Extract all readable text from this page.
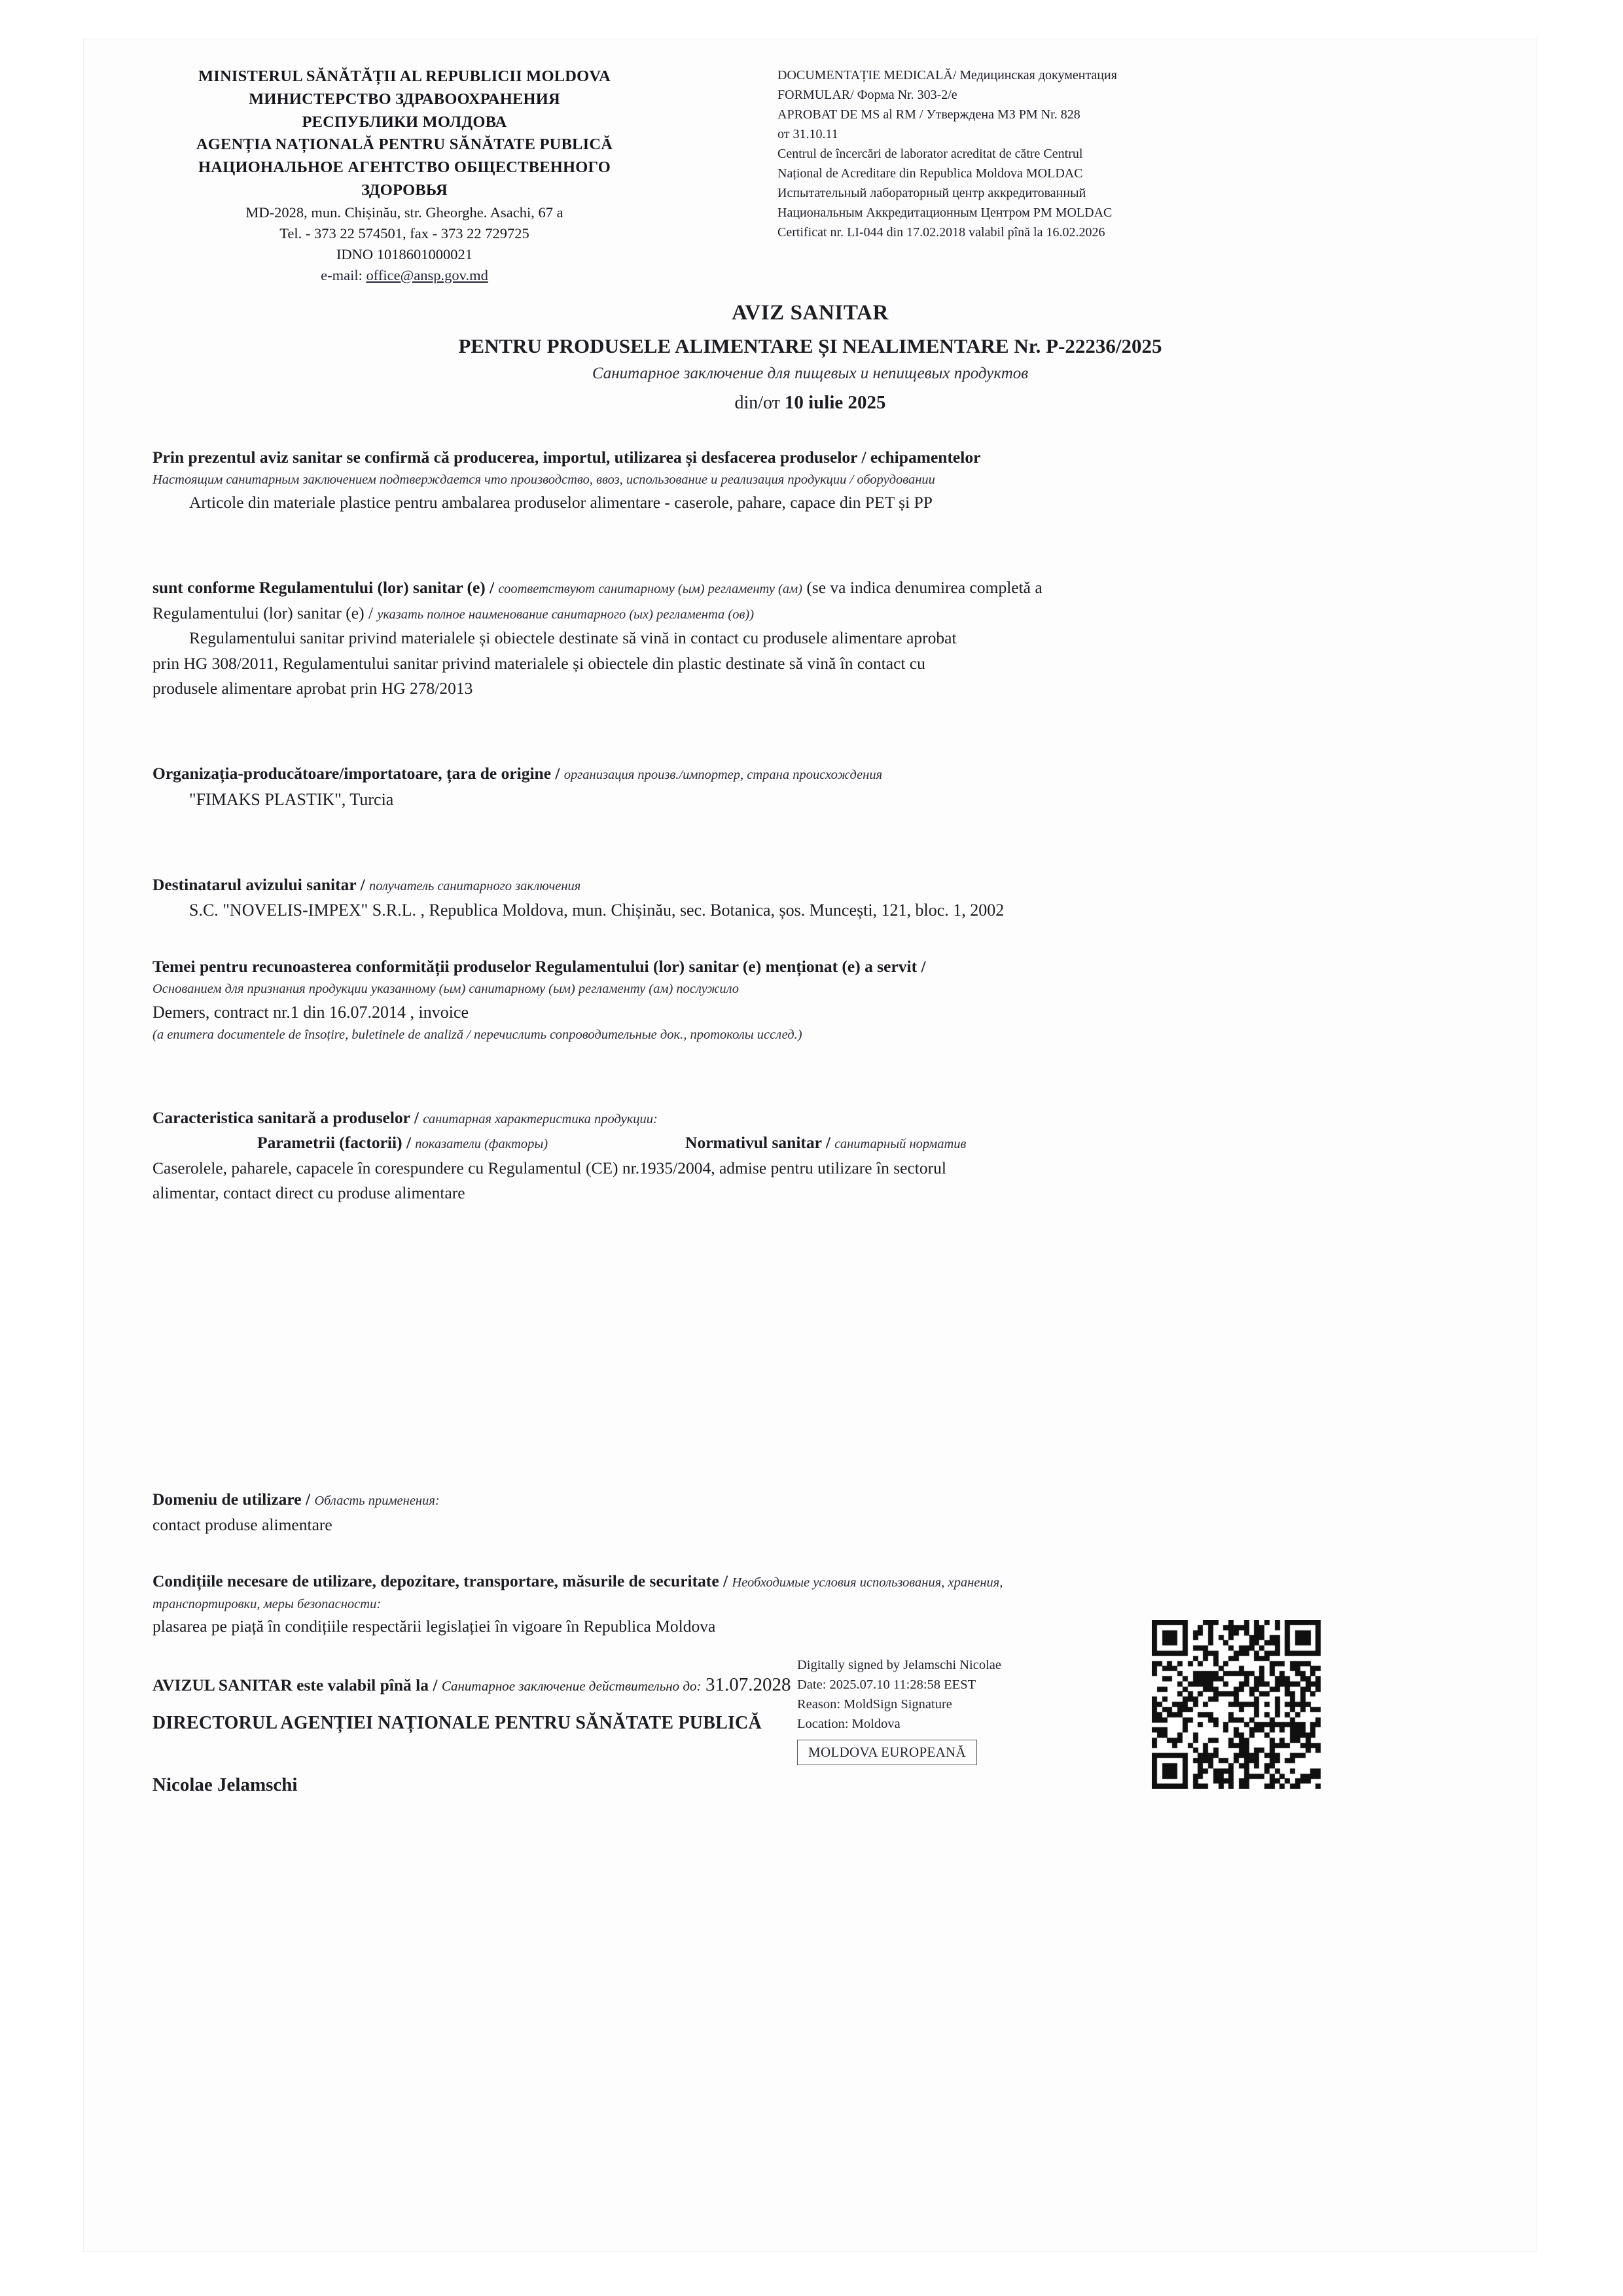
MINISTERUL SĂNĂTĂȚII AL REPUBLICII MOLDOVA
МИНИСТЕРСТВО ЗДРАВООХРАНЕНИЯ
РЕСПУБЛИКИ МОЛДОВА
AGENȚIA NAȚIONALĂ PENTRU SĂNĂTATE PUBLICĂ
НАЦИОНАЛЬНОЕ АГЕНТСТВО ОБЩЕСТВЕННОГО
ЗДОРОВЬЯ
MD-2028, mun. Chișinău, str. Gheorghe. Asachi, 67 a
Tel. - 373 22 574501, fax - 373 22 729725
IDNO 1018601000021
e-mail: office@ansp.gov.md
DOCUMENTAȚIE MEDICALĂ/ Медицинская документация
FORMULAR/ Форма Nr. 303-2/e
APROBAT DE MS al RM / Утверждена МЗ РМ Nr. 828
от 31.10.11
Centrul de încercări de laborator acreditat de către Centrul
Național de Acreditare din Republica Moldova MOLDAC
Испытательный лабораторный центр аккредитованный
Национальным Аккредитационным Центром РМ MOLDAC
Certificat nr. LI-044 din 17.02.2018 valabil pînă la 16.02.2026
AVIZ SANITAR
PENTRU PRODUSELE ALIMENTARE ȘI NEALIMENTARE Nr. P-22236/2025
Санитарное заключение для пищевых и непищевых продуктов
din/от 10 iulie 2025
Prin prezentul aviz sanitar se confirmă că producerea, importul, utilizarea și desfacerea produselor / echipamentelor
Настоящим санитарным заключением подтверждается что производство, ввоз, использование и реализация продукции / оборудовании
Articole din materiale plastice pentru ambalarea produselor alimentare - caserole, pahare, capace din PET și PP
sunt conforme Regulamentului (lor) sanitar (e) / соответствуют санитарному (ым) регламенту (ам) (se va indica denumirea completă a
Regulamentului (lor) sanitar (e) / указать полное наименование санитарного (ых) регламента (ов))
Regulamentului sanitar privind materialele și obiectele destinate să vină in contact cu produsele alimentare aprobat
prin HG 308/2011, Regulamentului sanitar privind materialele și obiectele din plastic destinate să vină în contact cu
produsele alimentare aprobat prin HG 278/2013
Organizația-producătoare/importatoare, țara de origine / организация произв./импортер, страна происхождения
"FIMAKS PLASTIK", Turcia
Destinatarul avizului sanitar / получатель санитарного заключения
S.C. "NOVELIS-IMPEX" S.R.L. , Republica Moldova, mun. Chișinău, sec. Botanica, șos. Muncești, 121, bloc. 1, 2002
Temei pentru recunoasterea conformității produselor Regulamentului (lor) sanitar (e) menționat (e) a servit /
Основанием для признания продукции указанному (ым) санитарному (ым) регламенту (ам) послужило
Demers, contract nr.1 din 16.07.2014 , invoice
(a enumera documentele de însoțire, buletinele de analiză / перечислить сопроводительные док., протоколы исслед.)
Caracteristica sanitară a produselor / санитарная характеристика продукции:
Parametrii (factorii) / показатели (факторы)	Normativul sanitar / санитарный норматив
Caserolele, paharele, capacele în corespundere cu Regulamentul (CE) nr.1935/2004, admise pentru utilizare în sectorul
alimentar, contact direct cu produse alimentare
Domeniu de utilizare / Область применения:
contact produse alimentare
Condițiile necesare de utilizare, depozitare, transportare, măsurile de securitate / Необходимые условия использования, хранения,
транспортировки, меры безопасности:
plasarea pe piață în condițiile respectării legislației în vigoare în Republica Moldova
AVIZUL SANITAR este valabil pînă la / Санитарное заключение действительно до: 31.07.2028
DIRECTORUL AGENȚIEI NAȚIONALE PENTRU SĂNĂTATE PUBLICĂ
Nicolae Jelamschi
Digitally signed by Jelamschi Nicolae
Date: 2025.07.10 11:28:58 EEST
Reason: MoldSign Signature
Location: Moldova
MOLDOVA EUROPEANĂ
